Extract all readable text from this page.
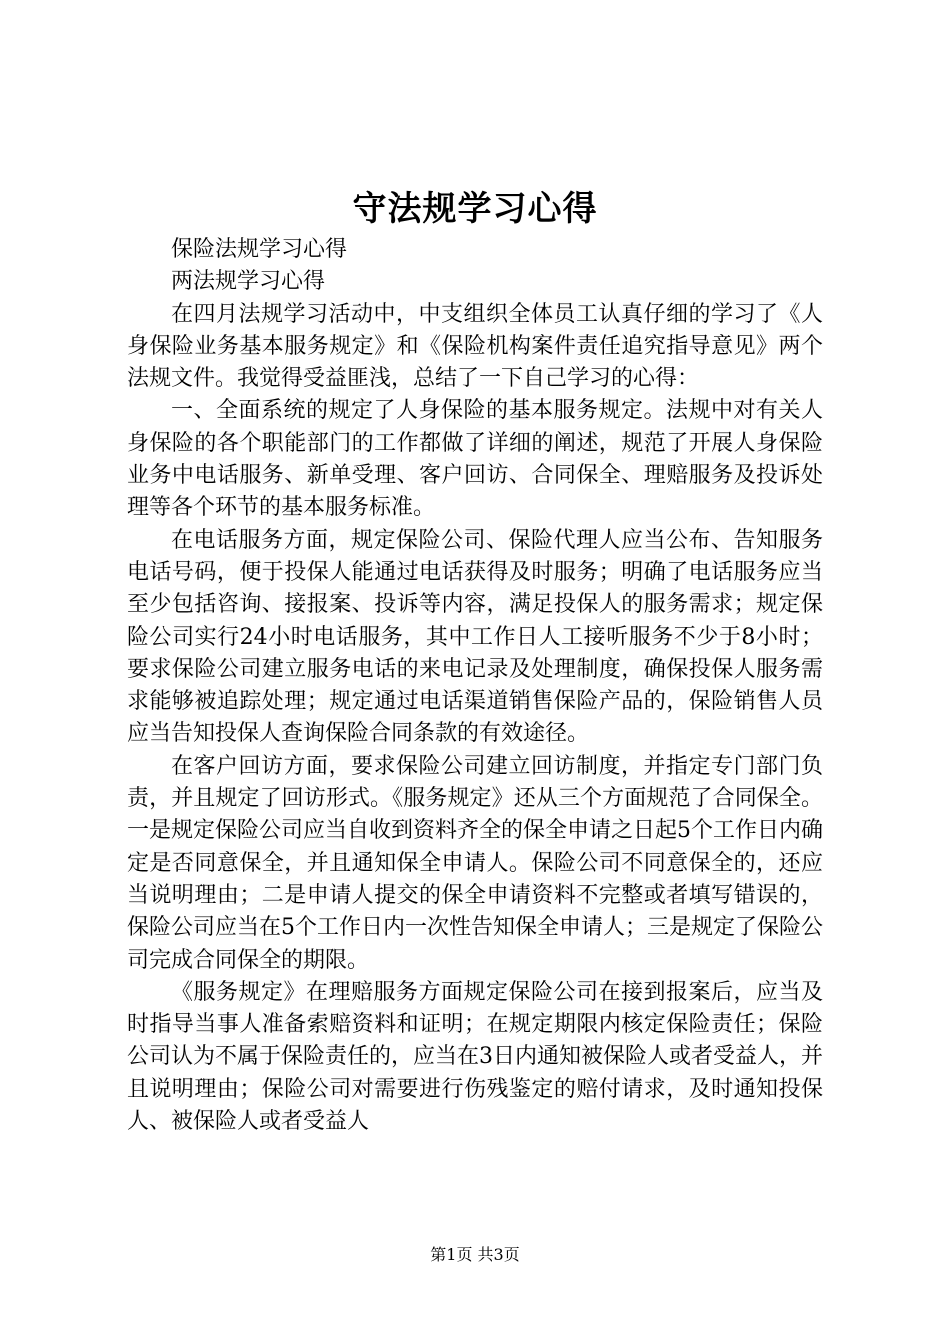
守法规学习心得

保险法规学习心得

两法规学习心得

在四月法规学习活动中，中支组织全体员工认真仔细的学习了《人身保险业务基本服务规定》和《保险机构案件责任追究指导意见》两个法规文件。我觉得受益匪浅，总结了一下自己学习的心得：

一、全面系统的规定了人身保险的基本服务规定。法规中对有关人身保险的各个职能部门的工作都做了详细的阐述，规范了开展人身保险业务中电话服务、新单受理、客户回访、合同保全、理赔服务及投诉处理等各个环节的基本服务标准。

在电话服务方面，规定保险公司、保险代理人应当公布、告知服务电话号码，便于投保人能通过电话获得及时服务；明确了电话服务应当至少包括咨询、接报案、投诉等内容，满足投保人的服务需求；规定保险公司实行24小时电话服务，其中工作日人工接听服务不少于8小时；要求保险公司建立服务电话的来电记录及处理制度，确保投保人服务需求能够被追踪处理；规定通过电话渠道销售保险产品的，保险销售人员应当告知投保人查询保险合同条款的有效途径。

在客户回访方面，要求保险公司建立回访制度，并指定专门部门负责，并且规定了回访形式。《服务规定》还从三个方面规范了合同保全。一是规定保险公司应当自收到资料齐全的保全申请之日起5个工作日内确定是否同意保全，并且通知保全申请人。保险公司不同意保全的，还应当说明理由；二是申请人提交的保全申请资料不完整或者填写错误的，保险公司应当在5个工作日内一次性告知保全申请人；三是规定了保险公司完成合同保全的期限。

《服务规定》在理赔服务方面规定保险公司在接到报案后，应当及时指导当事人准备索赔资料和证明；在规定期限内核定保险责任；保险公司认为不属于保险责任的，应当在3日内通知被保险人或者受益人，并且说明理由；保险公司对需要进行伤残鉴定的赔付请求，及时通知投保人、被保险人或者受益人

第1页 共3页
